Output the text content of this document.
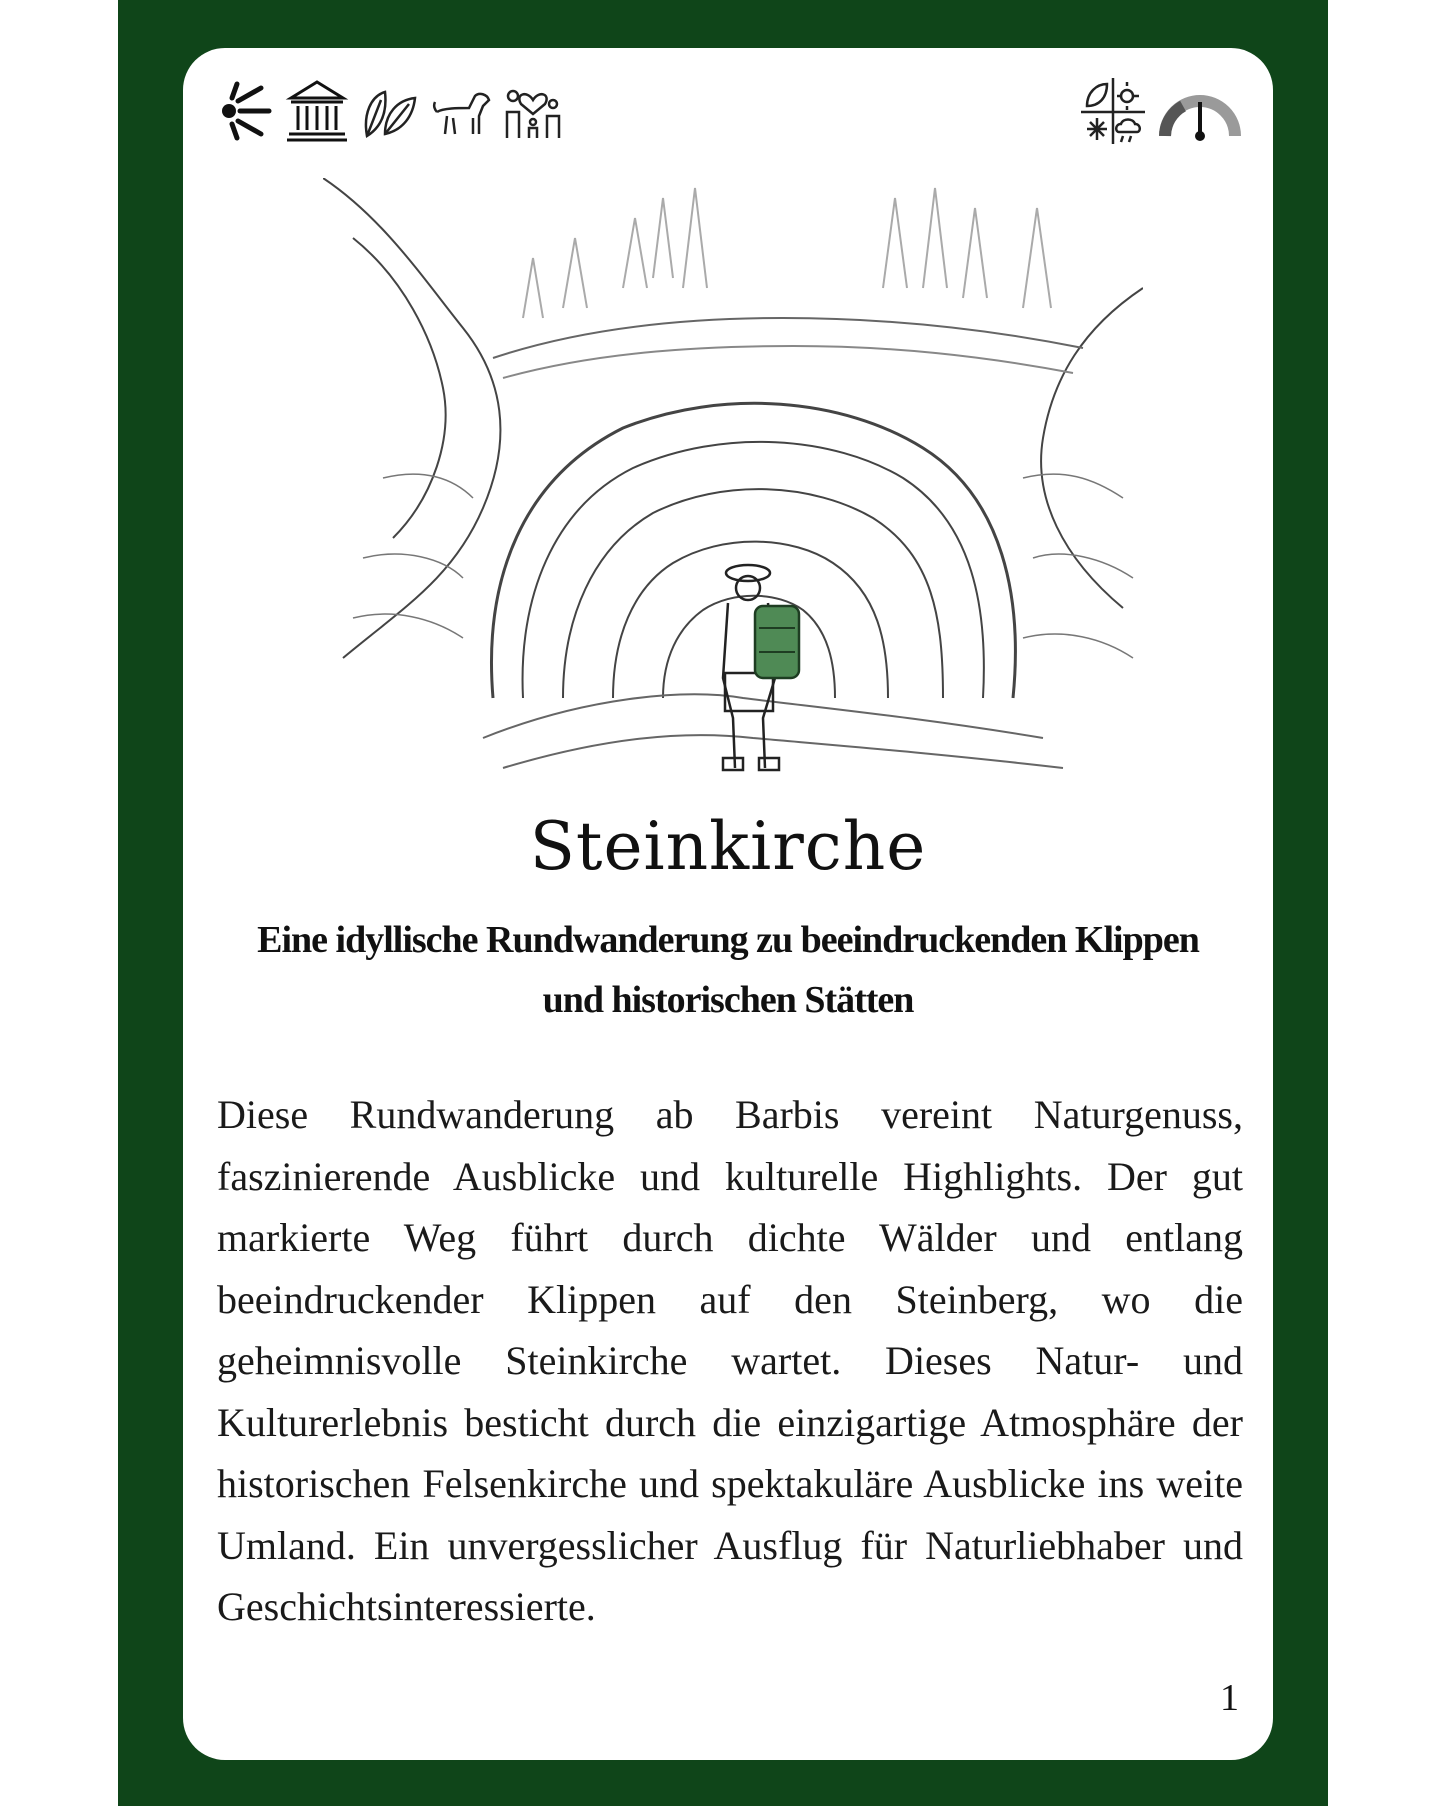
Steinkirche
Eine idyllische Rundwanderung zu beeindruckenden Klippen und historischen Stätten
Diese Rundwanderung ab Barbis vereint Naturgenuss, faszinierende Ausblicke und kulturelle Highlights. Der gut markierte Weg führt durch dichte Wälder und entlang beeindruckender Klippen auf den Steinberg, wo die geheimnisvolle Steinkirche wartet. Dieses Natur- und Kulturerlebnis besticht durch die einzigartige Atmosphäre der historischen Felsenkirche und spektakuläre Ausblicke ins weite Umland. Ein unvergesslicher Ausflug für Naturliebhaber und Geschichtsinteressierte.
1
